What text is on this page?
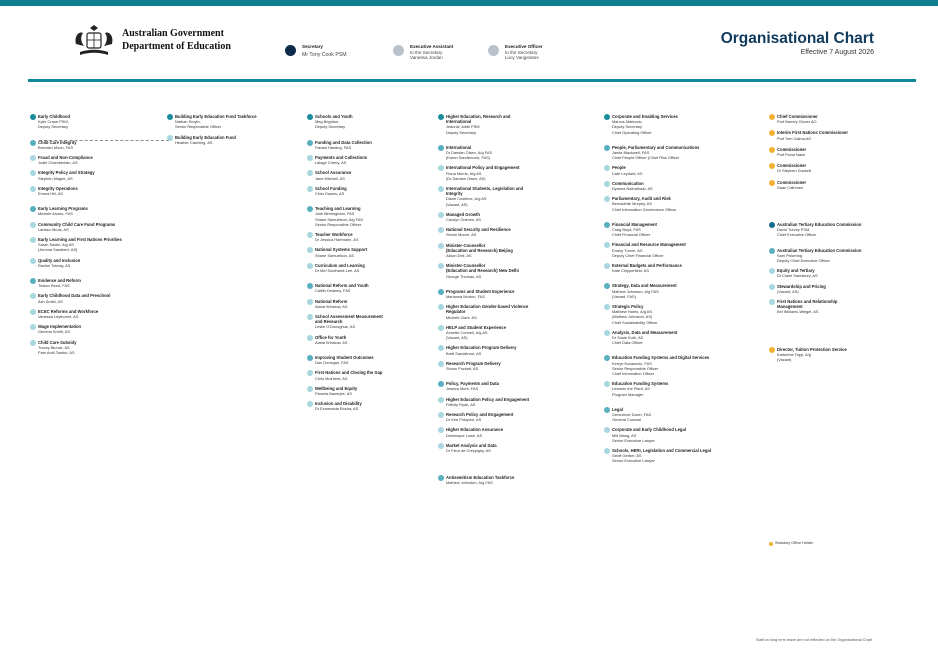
Australian Government
Department of Education	Secretary
Mr Tony Cook PSM
Executive Assistant
to the Secretary
Vanessa Jordan
Executive Officer
to the Secretary
Lucy Vangelatos
Organisational Chart
Effective 7 August 2026
Early Childhood
Kylie Crane PSM,
Deputy Secretary
Child Care Integrity
Brendan Moon, FAS
Fraud and Non-Compliance
Jodie Chamberlain, AS
Integrity Policy and Strategy
Stephen Magee, AS
Integrity Operations
Emma Hill, AS
Early Learning Programs
Michele Alvaro, FAS
Community Child Care Fund Programs
Larissa Hinds, AS
Early Learning and First Nations Priorities
Sarah Swain, A/g AS
(Jemma Sandbert, AS)
Quality and Inclusion
Rachel Tolmay, AS
Evidence and Reform
Tristan Reed, FAS
Early Childhood Data and Preschool
Ash Smith, AS
ECEC Reforms and Workforce
Vanessa Leythorne, AS
Wage Implementation
Gemma Smith, AS
Child Care Subsidy
Tracey Blunck, AS
Pam Antil-Tambo, AS
Building Early Education Fund Taskforce
Nathan Smyth,
Senior Responsible Officer
Building Early Education Fund
Heather Catching, AS
Schools and Youth
Meg Brighton,
Deputy Secretary
Funding and Data Collection
Fabian Harding, FAS
Payments and Collections
Lalage Cherry, AS
School Assurance
Jane Mitchell, AS
School Funding
Chris Dawes, AS
Teaching and Learning
Julie Birmingham, FAS
Shane Samuelson, A/g FAS
Senior Responsible Officer
Teacher Workforce
Dr Jessica Hartmann, AS
National Systems Support
Shane Samuelson, AS
Curriculum and Learning
Dr Mel Southwell-Lee, AS
National Reform and Youth
Caitlin Delaney, FAS
National Reform
Alana Winslow, AS
School Assessment Measurement
and Research
Leslie O'Donoghue, AS
Office for Youth
Alana Winslow, AS
Improving Student Outcomes
Dan Donegan, FAS
First Nations and Closing the Gap
Chris Muirhent, AS
Wellbeing and Equity
Pamela Banerjee, AS
Inclusion and Disability
Dr Esmeralda Rocha, AS
Higher Education, Research and
International
Jeannie Jobbi PSM,
Deputy Secretary
International
Dr Damian Olsen, A/g FAS
(Karen Sandercock, FAS)
International Policy and Engagement
Fiona Morris, A/g AS
(Dr Damian Olsen, AS)
International Students, Legislation and
Integrity
Diane Costeloe, A/g AS
(Vacant, AS)
Managed Growth
Carolyn Grieves, AS
National Security and Resilience
Simon Moore, AS
Minister-Counsellor
(Education and Research) Beijing
Alison Dell, AS
Minister-Counsellor
(Education and Research) New Delhi
George Thomas, AS
Programs and Student Experience
Marianna Morton, FAS
Higher Education Gender-based Violence
Regulator
Michele Clark, AS
HELP and Student Experience
Annette Connell, A/g AS
(Vacant, AS)
Higher Education Program Delivery
Brett Sandstrom, AS
Research Program Delivery
Simon Puckett, AS
Policy, Payments and Data
Jessica Mohr, FAS
Higher Education Policy and Engagement
Felicity Ryan, AS
Research Policy and Engagement
Dr Kee Fhiuyme, AS
Higher Education Assurance
Dominique Lowe, AS
Market Analysis and Data
Dr Fleur de Crespigny, AS
Antisemitism Education Taskforce
Mathew Johnston, A/g FAS
Corporate and Enabling Services
Marcus Markovic,
Deputy Secretary
Chief Operating Officer
People, Parliamentary and Communications
Jamie Blackwell, FAS
Chief People Officer (Chief Risk Officer
People
Cate Leydard, AS
Communication
Dyanna Nathalinski, AS
Parliamentary, Audit and Risk
Bernadette Murphy, AS
Chief Information Governance Officer
Financial Management
Craig Boyd, FAS
Chief Financial Officer
Financial and Resource Management
Emery Turner, AS
Deputy Chief Financial Officer
External Budgets and Performance
Kate Chipperfield, AS
Strategy, Data and Measurement
Mathew Johnston, A/g FAS
(Vacant, FAS)
Strategic Policy
Matthew Harris, A/g AS
(Mathew Johnston, AS)
Chief Sustainability Officer
Analysis, Data and Measurement
Dr Susie Kuth, AS
Chief Data Officer
Education Funding Systems and Digital Services
Kerryn Kovacevic, FAS
Senior Responsible Officer
Chief Information Officer
Education Funding Systems
Lewwen the Plant, AS
Program Manager
Legal
Genevieve Davin, FAS
General Counsel
Corporate and Early Childhood Legal
Milt Wang, AS
Senior Executive Lawyer
Schools, HERI, Legislation and Commercial Legal
Geoff Gerber, AS
Senior Executive Lawyer
Chief Commissioner
Prof Barney Glover AO
Interim First Nations Commissioner
Prof Tom Calma AO
Commissioner
Prof Fiona Nash
Commissioner
Dr Stephen Duckett
Commissioner
Daan Cathmen
Australian Tertiary Education Commission
David Turvey PSM,
Chief Executive Officer
Australian Tertiary Education Commission
Sam Pickering
Deputy Chief Executive Officer
Equity and Tertiary
Dr Claire Sainsbury, AS
Stewardship and Pricing
(Vacant, AS)
First Nations and Relationship
Management
Bel Williams-Weigel, AS
Director, Tuition Protection Service
Katherine Tapp, A/g
(Vacant)
Statutory Office Holder
Staff on long term leave are not reflected on the Organisational Chart
